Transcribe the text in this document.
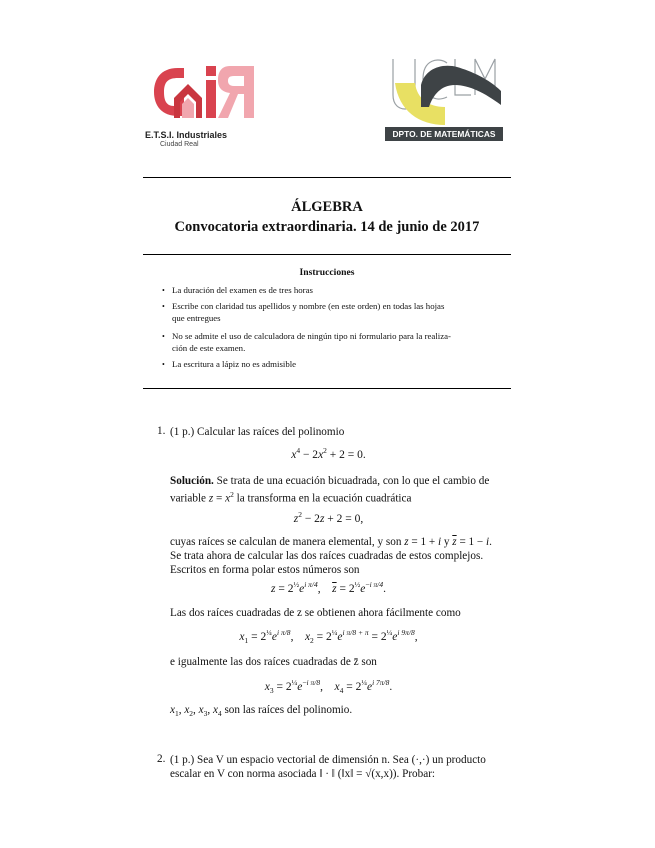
E.T.S.I. Industriales
Ciudad Real
DPTO. DE MATEMÁTICAS
ÁLGEBRA
Convocatoria extraordinaria. 14 de junio de 2017
Instrucciones
• La duración del examen es de tres horas
• Escribe con claridad tus apellidos y nombre (en este orden) en todas las hojas
que entregues
• No se admite el uso de calculadora de ningún tipo ni formulario para la realiza-
ción de este examen.
• La escritura a lápiz no es admisible
1. (1 p.) Calcular las raíces del polinomio
$x^4 - 2x^2 + 2 = 0$.
Solución. Se trata de una ecuación bicuadrada, con lo que el cambio de
variable $z = x^2$ la transforma en la ecuación cuadrática
$z^2 - 2z + 2 = 0$,
cuyas raíces se calculan de manera elemental, y son z = 1 + i y $\overline{z} = 1 - i$.
Se trata ahora de calcular las dos raíces cuadradas de estos complejos.
Escritos en forma polar estos números son
$z = 2^{\frac{1}{2}}e^{i \pi/4}$, $\overline{z} = 2^{\frac{1}{2}}e^{-i \pi/4}$.
Las dos raíces cuadradas de z se obtienen ahora fácilmente como
$x_1 = 2^{\frac{1}{4}}e^{i \pi/8}$,    $x_2 = 2^{\frac{1}{4}}e^{i \pi/8 + \pi} = 2^{\frac{1}{4}}e^{i 9\pi/8}$,
e igualmente las dos raíces cuadradas de z̄ son
$x_3 = 2^{\frac{1}{4}}e^{-i \pi/8}$,    $x_4 = 2^{\frac{1}{4}}e^{i 7\pi/8}$.
$x_1$, $x_2$, $x_3$, $x_4$ son las raíces del polinomio.
2. (1 p.) Sea V un espacio vectorial de dimensión n. Sea (·,·) un producto
escalar en V con norma asociada ‖ · ‖ (‖x‖ = √(x,x)). Probar:
